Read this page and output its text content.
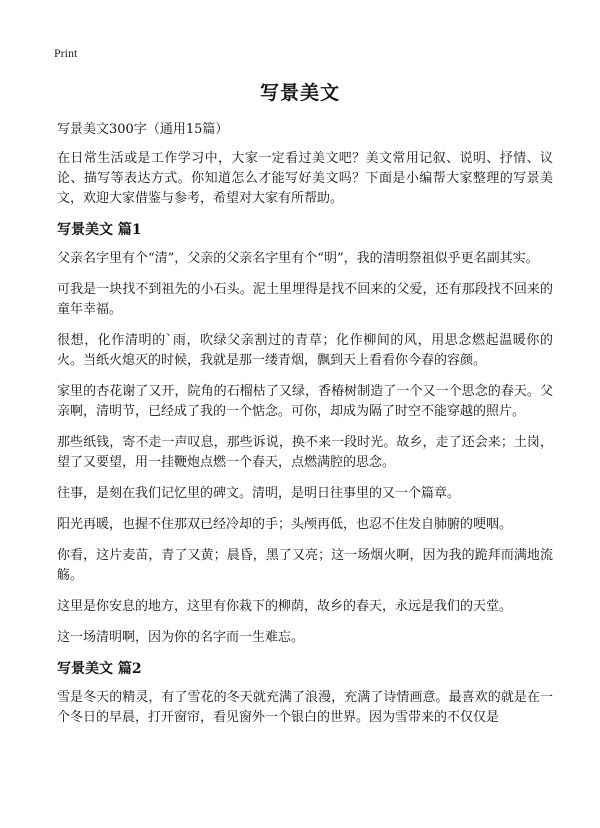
Print
写景美文

写景美文300字（通用15篇）

在日常生活或是工作学习中，大家一定看过美文吧？美文常用记叙、说明、抒情、议论、描写等表达方式。你知道怎么才能写好美文吗？下面是小编帮大家整理的写景美文，欢迎大家借鉴与参考，希望对大家有所帮助。

写景美文 篇1

父亲名字里有个“清”，父亲的父亲名字里有个“明”，我的清明祭祖似乎更名副其实。

可我是一块找不到祖先的小石头。泥土里埋得是找不回来的父爱，还有那段找不回来的童年幸福。

很想，化作清明的`雨，吹绿父亲割过的青草；化作柳间的风，用思念燃起温暖你的火。当纸火熄灭的时候，我就是那一缕青烟，飘到天上看看你今春的容颜。

家里的杏花谢了又开，院角的石榴枯了又绿，香椿树制造了一个又一个思念的春天。父亲啊，清明节，已经成了我的一个惦念。可你，却成为隔了时空不能穿越的照片。

那些纸钱，寄不走一声叹息，那些诉说，换不来一段时光。故乡，走了还会来；土岗，望了又要望，用一挂鞭炮点燃一个春天，点燃满腔的思念。

往事，是刻在我们记忆里的碑文。清明，是明日往事里的又一个篇章。

阳光再暖，也握不住那双已经冷却的手；头颅再低，也忍不住发自肺腑的哽咽。

你看，这片麦苗，青了又黄；晨昏，黑了又亮；这一场烟火啊，因为我的跪拜而满地流觞。

这里是你安息的地方，这里有你栽下的柳荫，故乡的春天，永远是我们的天堂。

这一场清明啊，因为你的名字而一生难忘。

写景美文 篇2

雪是冬天的精灵，有了雪花的冬天就充满了浪漫，充满了诗情画意。最喜欢的就是在一个冬日的早晨，打开窗帘，看见窗外一个银白的世界。因为雪带来的不仅仅是
